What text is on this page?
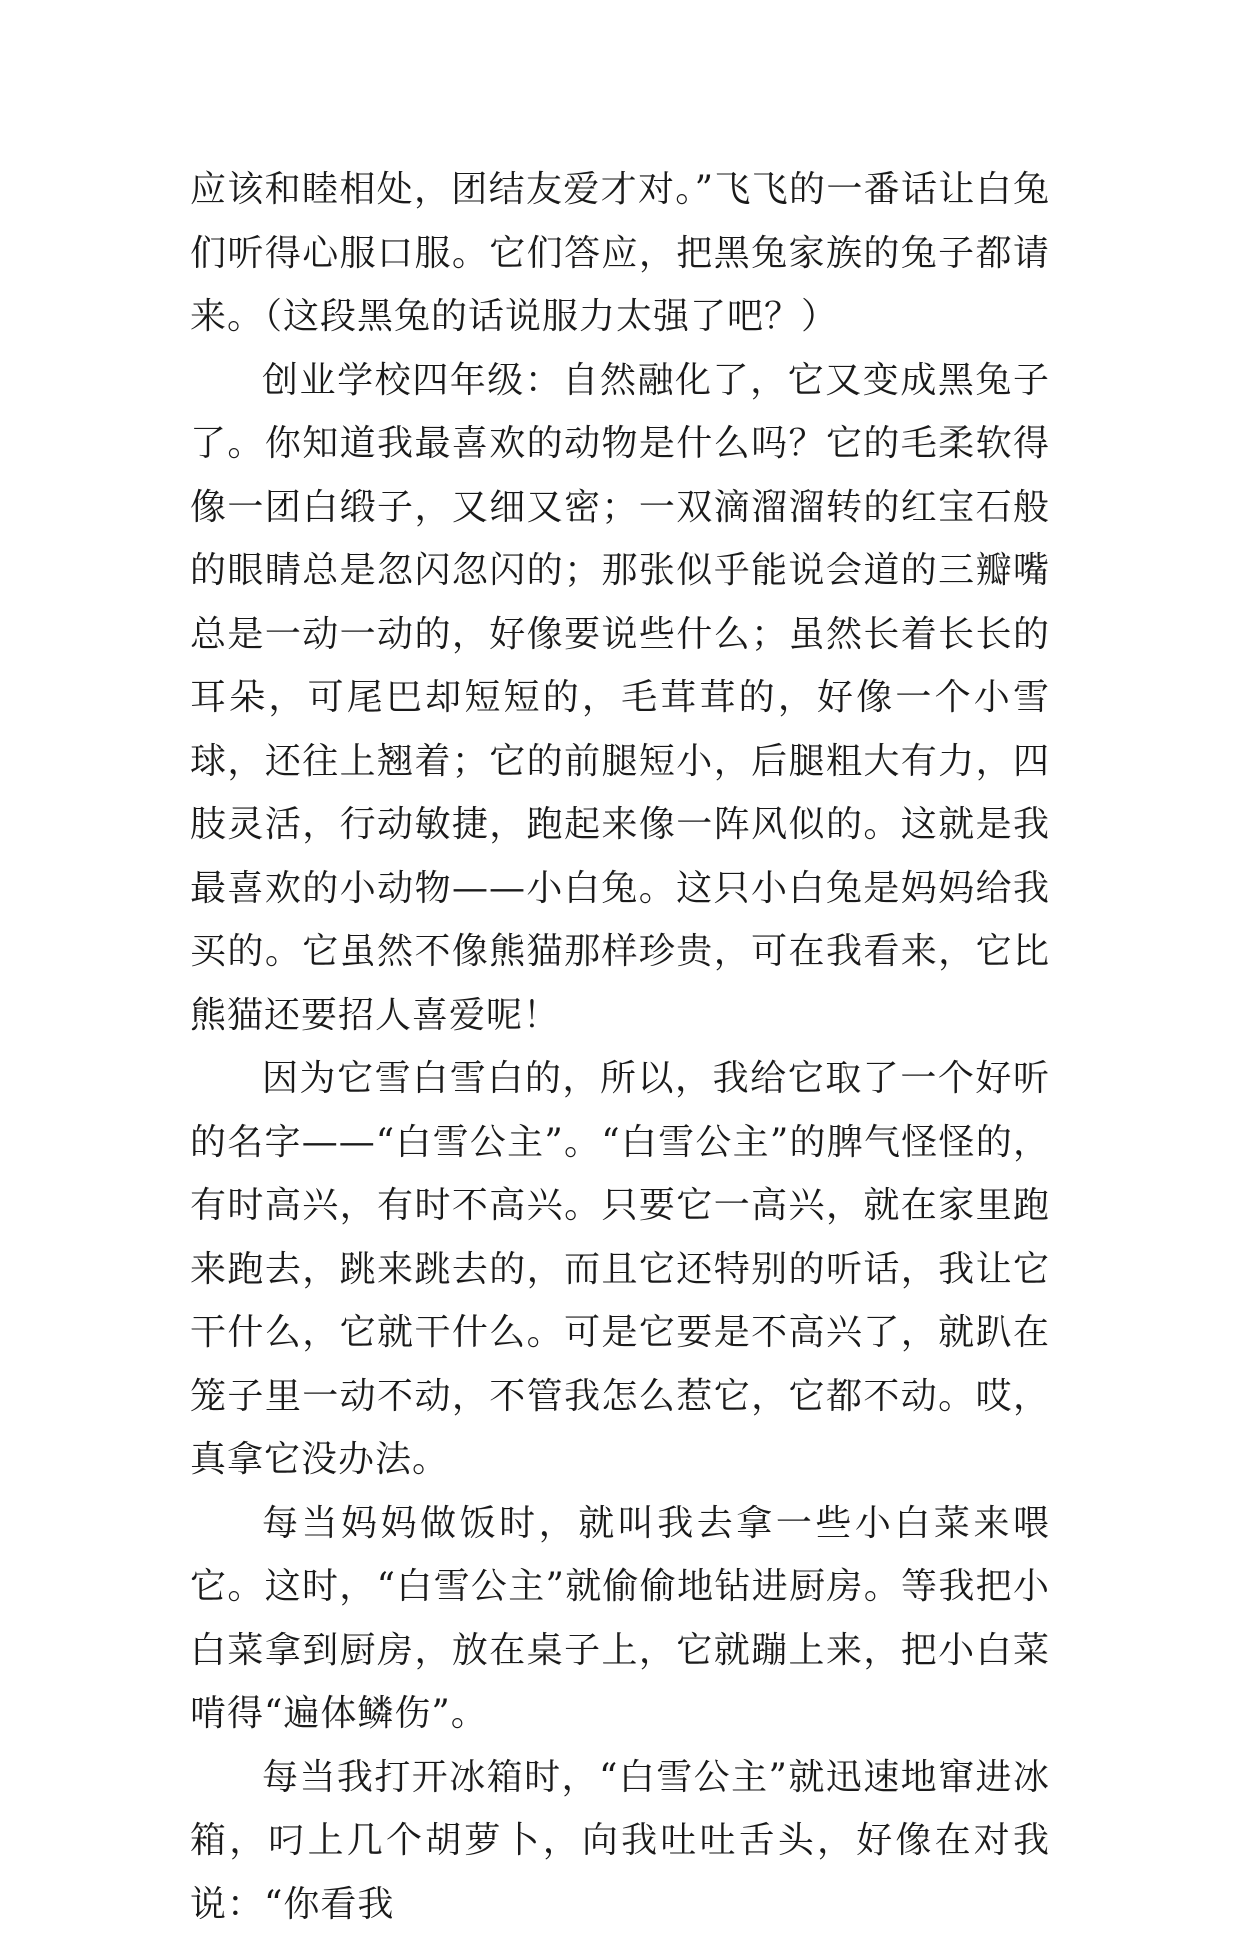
应该和睦相处，团结友爱才对。”飞飞的一番话让白兔们听得心服口服。它们答应，把黑兔家族的兔子都请来。（这段黑兔的话说服力太强了吧？）

创业学校四年级：自然融化了，它又变成黑兔子了。你知道我最喜欢的动物是什么吗？它的毛柔软得像一团白缎子，又细又密；一双滴溜溜转的红宝石般的眼睛总是忽闪忽闪的；那张似乎能说会道的三瓣嘴总是一动一动的，好像要说些什么；虽然长着长长的耳朵，可尾巴却短短的，毛茸茸的，好像一个小雪球，还往上翘着；它的前腿短小，后腿粗大有力，四肢灵活，行动敏捷，跑起来像一阵风似的。这就是我最喜欢的小动物——小白兔。这只小白兔是妈妈给我买的。它虽然不像熊猫那样珍贵，可在我看来，它比熊猫还要招人喜爱呢！

因为它雪白雪白的，所以，我给它取了一个好听的名字——“白雪公主”。“白雪公主”的脾气怪怪的，有时高兴，有时不高兴。只要它一高兴，就在家里跑来跑去，跳来跳去的，而且它还特别的听话，我让它干什么，它就干什么。可是它要是不高兴了，就趴在笼子里一动不动，不管我怎么惹它，它都不动。哎，真拿它没办法。

每当妈妈做饭时，就叫我去拿一些小白菜来喂它。这时，“白雪公主”就偷偷地钻进厨房。等我把小白菜拿到厨房，放在桌子上，它就蹦上来，把小白菜啃得“遍体鳞伤”。

每当我打开冰箱时，“白雪公主”就迅速地窜进冰箱，叼上几个胡萝卜，向我吐吐舌头，好像在对我说：“你看我
